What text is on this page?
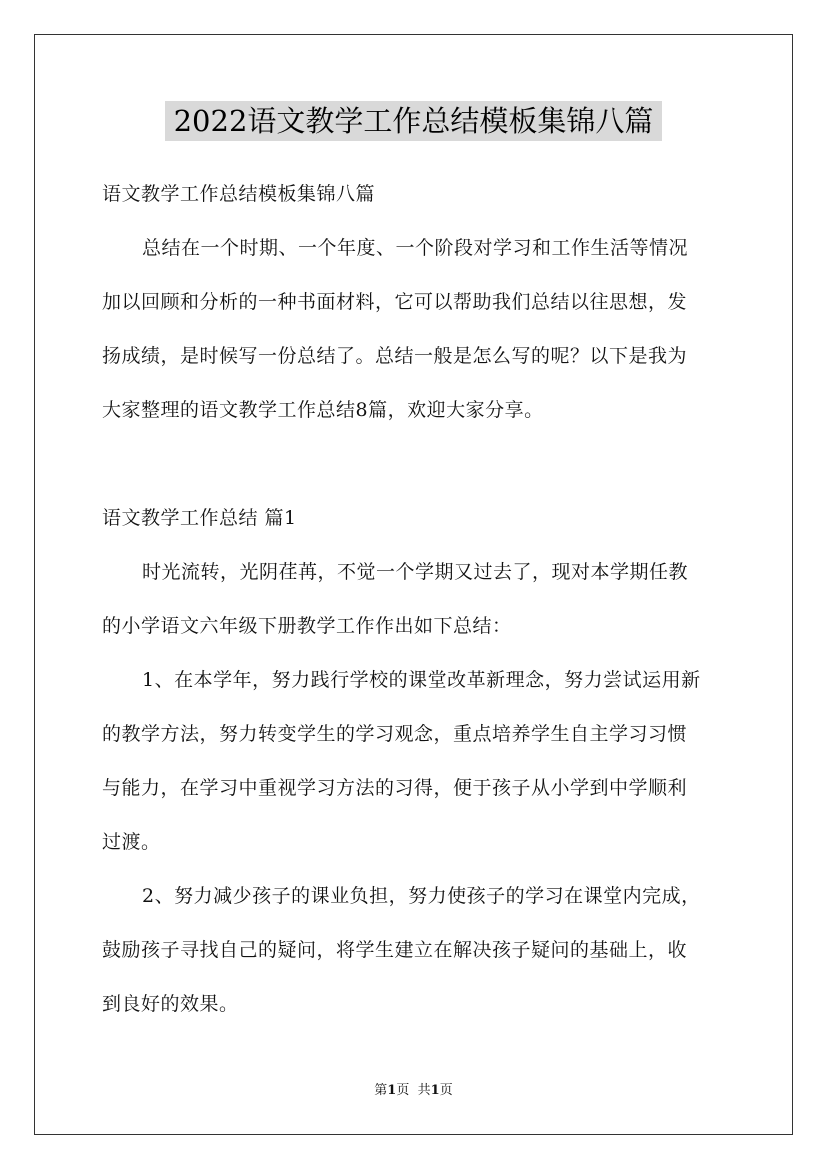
2022语文教学工作总结模板集锦八篇
语文教学工作总结模板集锦八篇
总结在一个时期、一个年度、一个阶段对学习和工作生活等情况
加以回顾和分析的一种书面材料，它可以帮助我们总结以往思想，发
扬成绩，是时候写一份总结了。总结一般是怎么写的呢？以下是我为
大家整理的语文教学工作总结8篇，欢迎大家分享。
语文教学工作总结 篇1
时光流转，光阴荏苒，不觉一个学期又过去了，现对本学期任教
的小学语文六年级下册教学工作作出如下总结：
1、在本学年，努力践行学校的课堂改革新理念，努力尝试运用新
的教学方法，努力转变学生的学习观念，重点培养学生自主学习习惯
与能力，在学习中重视学习方法的习得，便于孩子从小学到中学顺利
过渡。
2、努力减少孩子的课业负担，努力使孩子的学习在课堂内完成，
鼓励孩子寻找自己的疑问，将学生建立在解决孩子疑问的基础上，收
到良好的效果。
第1页 共1页
